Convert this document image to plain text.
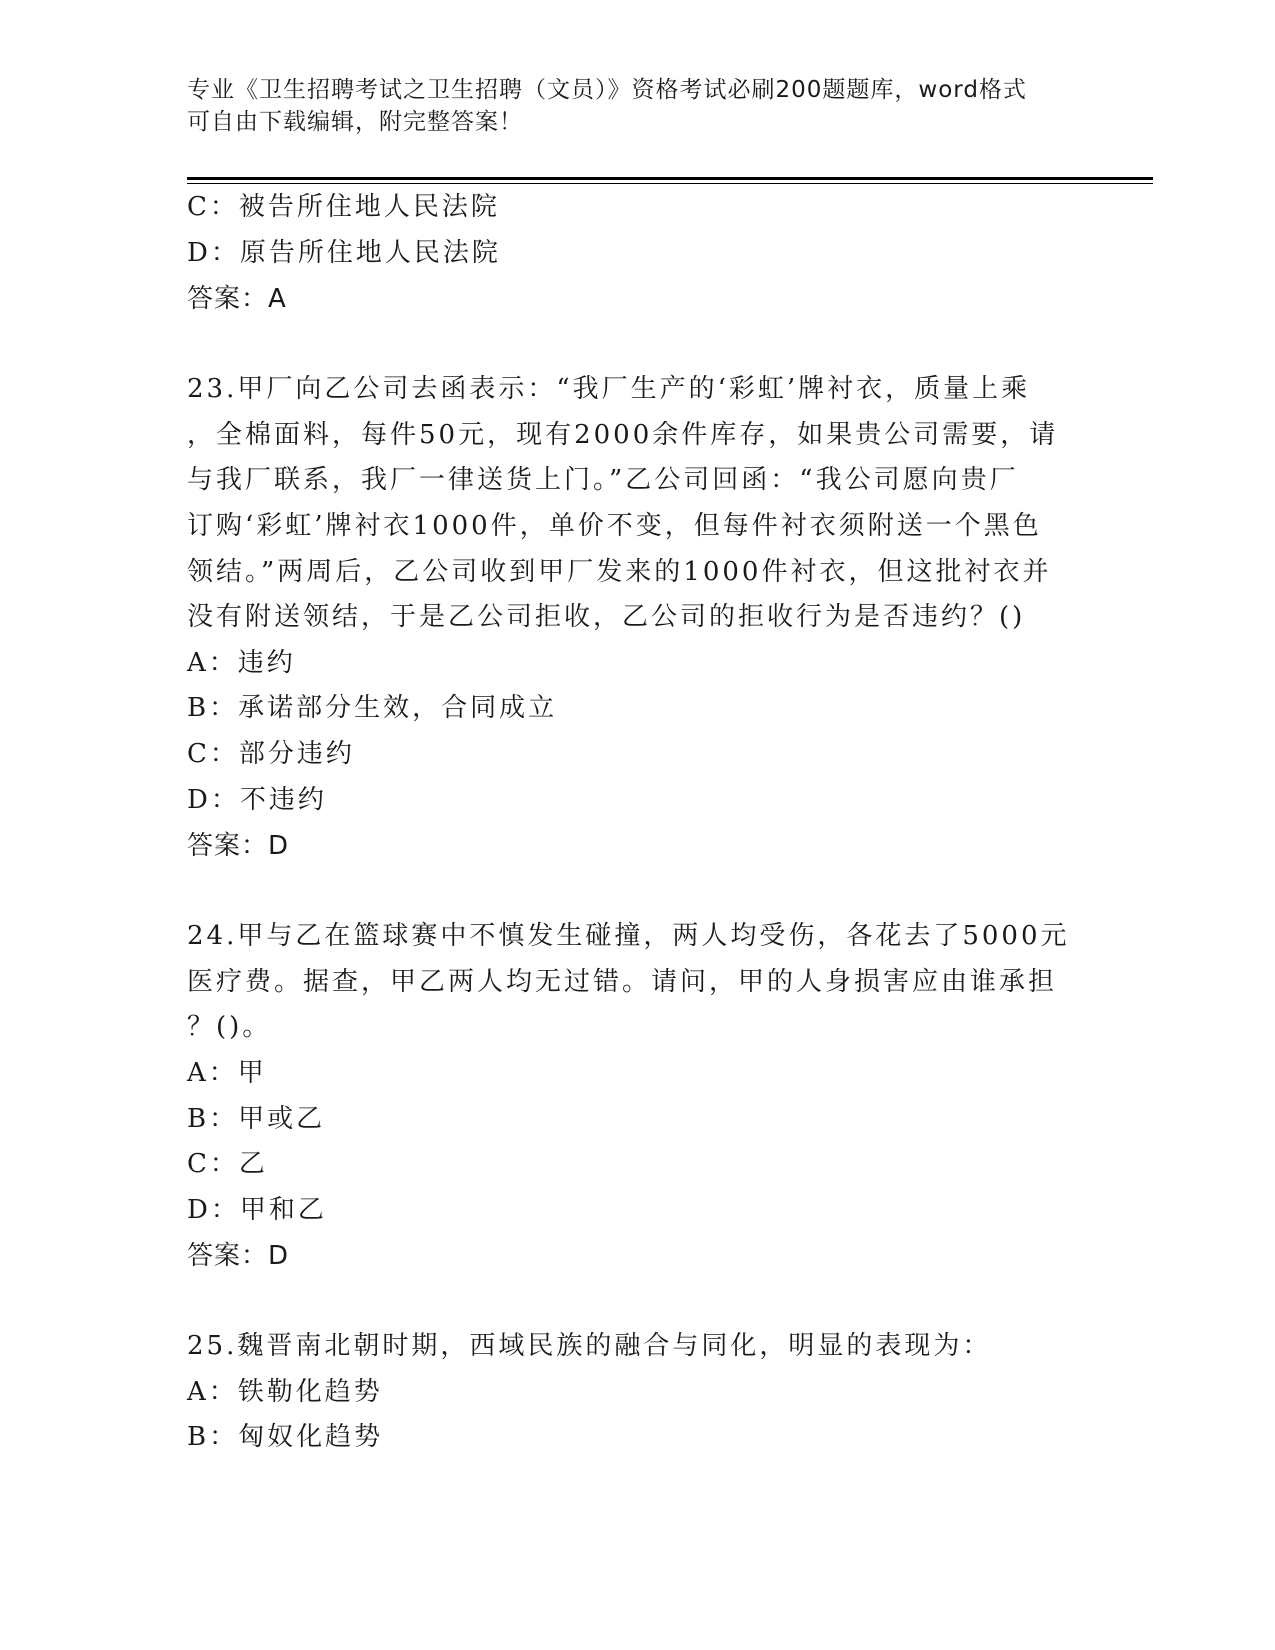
专业《卫生招聘考试之卫生招聘（文员）》资格考试必刷200题题库，word格式
可自由下载编辑，附完整答案！
C：被告所住地人民法院
D：原告所住地人民法院
答案：A
23.甲厂向乙公司去函表示：“我厂生产的‘彩虹’牌衬衣，质量上乘
，全棉面料，每件50元，现有2000余件库存，如果贵公司需要，请
与我厂联系，我厂一律送货上门。”乙公司回函：“我公司愿向贵厂
订购‘彩虹’牌衬衣1000件，单价不变，但每件衬衣须附送一个黑色
领结。”两周后，乙公司收到甲厂发来的1000件衬衣，但这批衬衣并
没有附送领结，于是乙公司拒收，乙公司的拒收行为是否违约？()
A：违约
B：承诺部分生效，合同成立
C：部分违约
D：不违约
答案：D
24.甲与乙在篮球赛中不慎发生碰撞，两人均受伤，各花去了5000元
医疗费。据查，甲乙两人均无过错。请问，甲的人身损害应由谁承担
？()。
A：甲
B：甲或乙
C：乙
D：甲和乙
答案：D
25.魏晋南北朝时期，西域民族的融合与同化，明显的表现为：
A：铁勒化趋势
B：匈奴化趋势
